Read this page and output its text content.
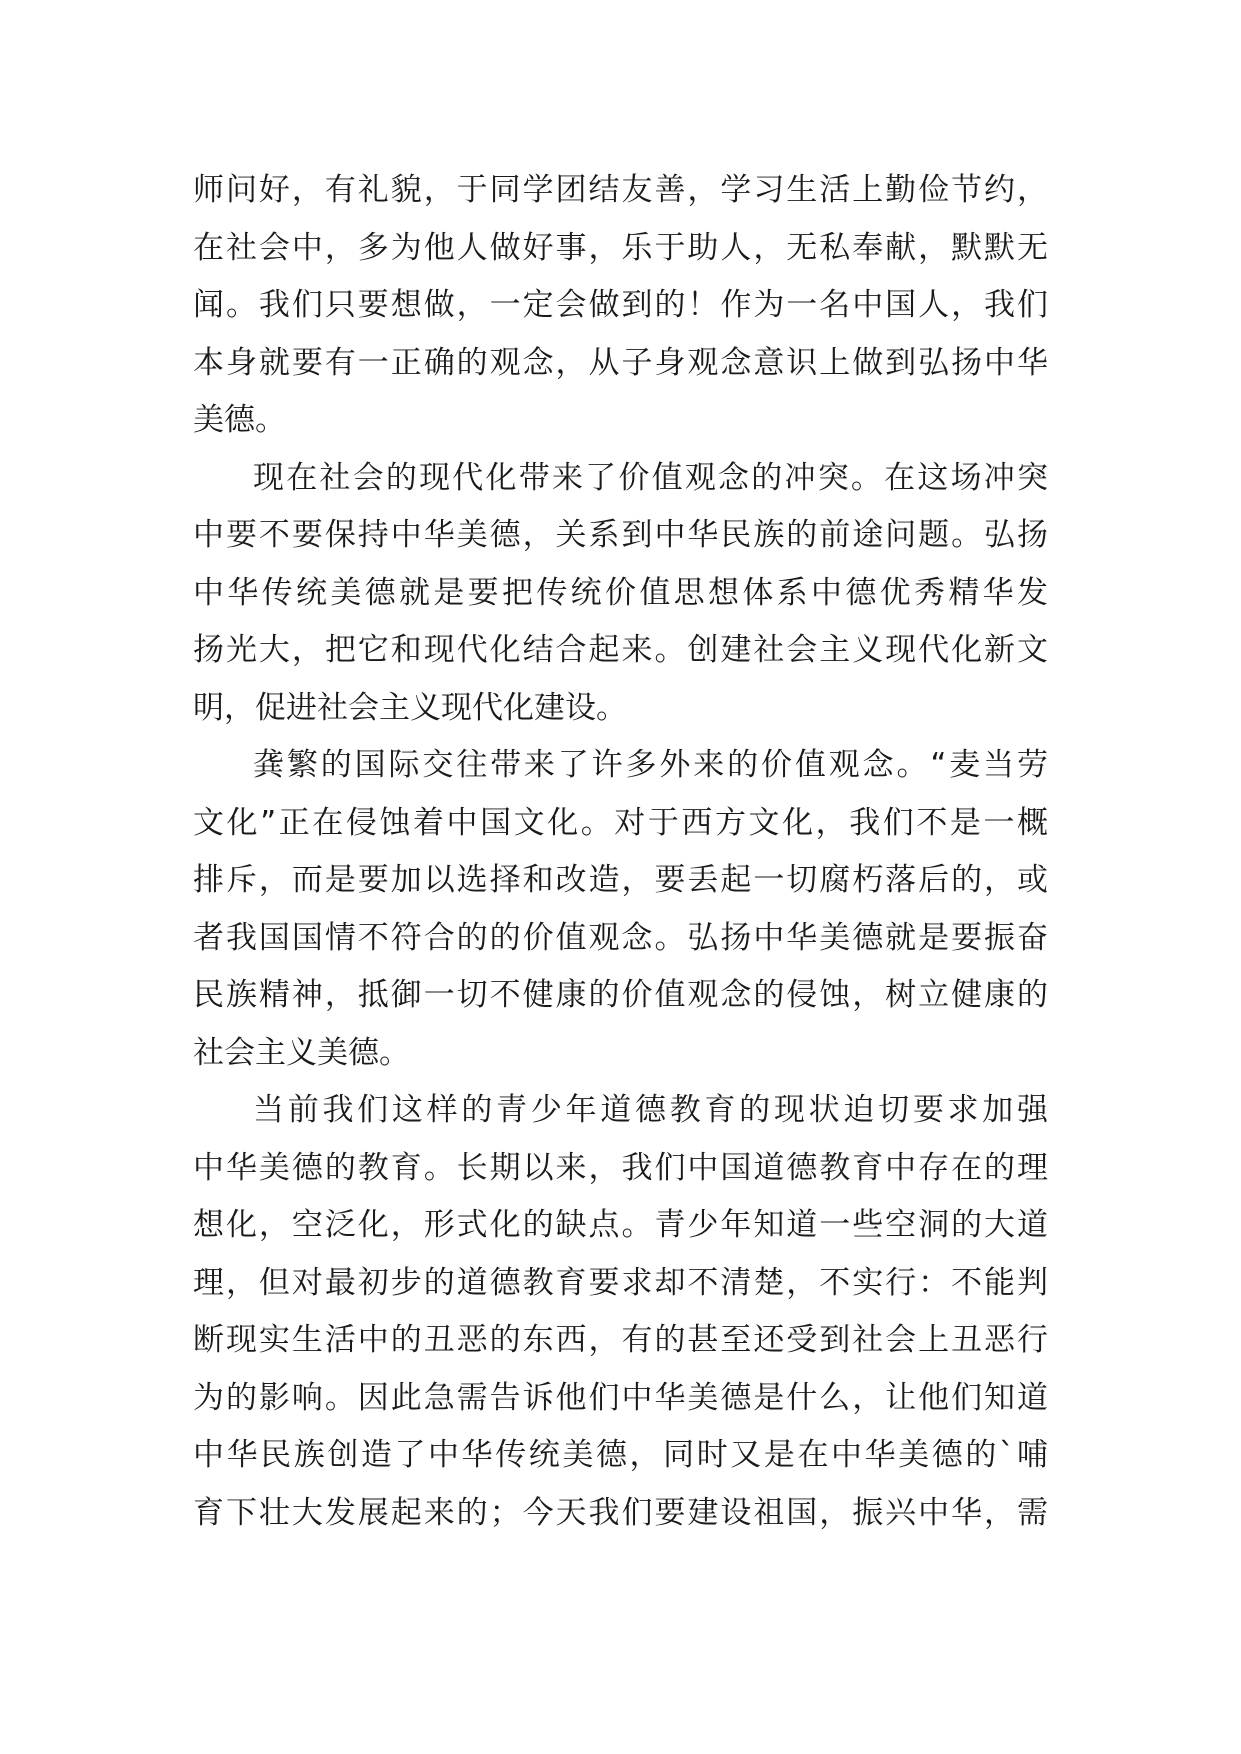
师问好，有礼貌，于同学团结友善，学习生活上勤俭节约，
在社会中，多为他人做好事，乐于助人，无私奉献，默默无
闻。我们只要想做，一定会做到的！作为一名中国人，我们
本身就要有一正确的观念，从子身观念意识上做到弘扬中华
美德。
现在社会的现代化带来了价值观念的冲突。在这场冲突
中要不要保持中华美德，关系到中华民族的前途问题。弘扬
中华传统美德就是要把传统价值思想体系中德优秀精华发
扬光大，把它和现代化结合起来。创建社会主义现代化新文
明，促进社会主义现代化建设。
龚繁的国际交往带来了许多外来的价值观念。“麦当劳
文化”正在侵蚀着中国文化。对于西方文化，我们不是一概
排斥，而是要加以选择和改造，要丢起一切腐朽落后的，或
者我国国情不符合的的价值观念。弘扬中华美德就是要振奋
民族精神，抵御一切不健康的价值观念的侵蚀，树立健康的
社会主义美德。
当前我们这样的青少年道德教育的现状迫切要求加强
中华美德的教育。长期以来，我们中国道德教育中存在的理
想化，空泛化，形式化的缺点。青少年知道一些空洞的大道
理，但对最初步的道德教育要求却不清楚，不实行：不能判
断现实生活中的丑恶的东西，有的甚至还受到社会上丑恶行
为的影响。因此急需告诉他们中华美德是什么，让他们知道
中华民族创造了中华传统美德，同时又是在中华美德的`哺
育下壮大发展起来的；今天我们要建设祖国，振兴中华，需
